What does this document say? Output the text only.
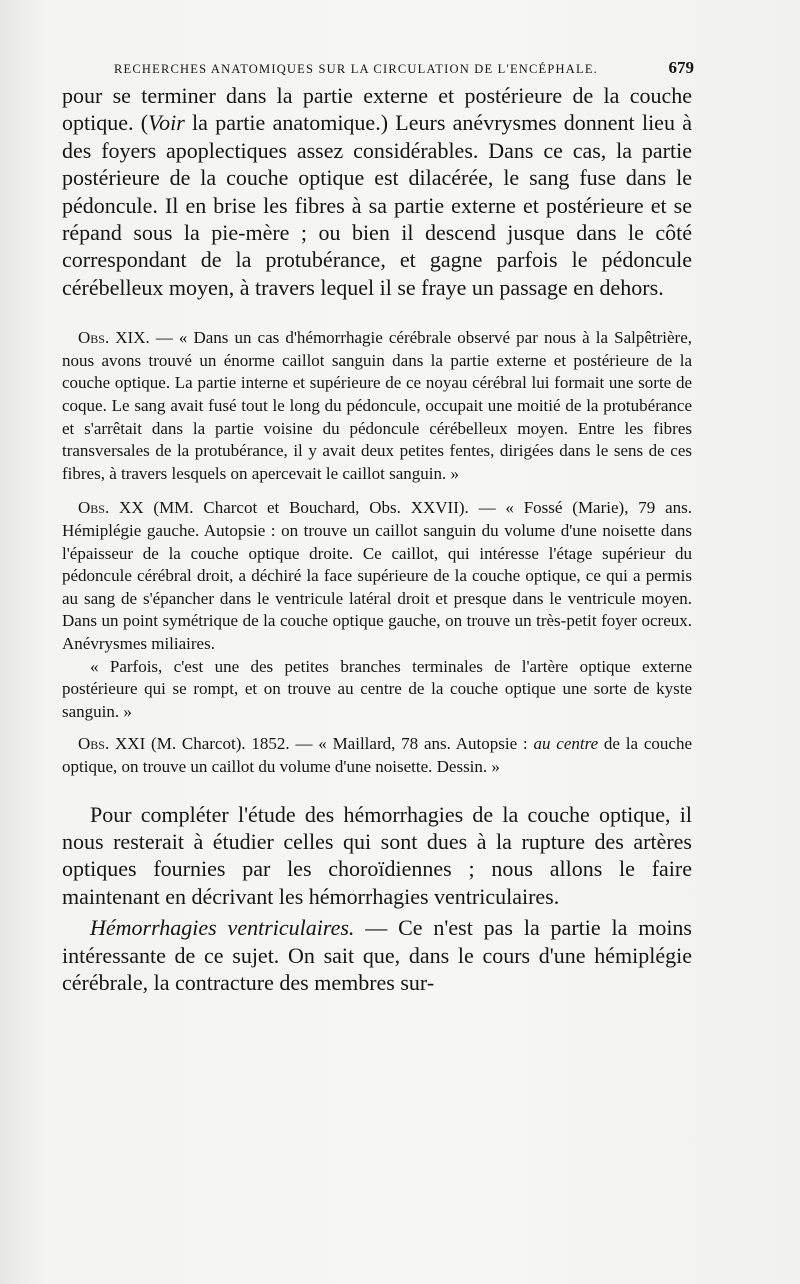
RECHERCHES ANATOMIQUES SUR LA CIRCULATION DE L'ENCÉPHALE.	679

pour se terminer dans la partie externe et postérieure de la couche optique. (Voir la partie anatomique.) Leurs anévrysmes donnent lieu à des foyers apoplectiques assez considérables. Dans ce cas, la partie postérieure de la couche optique est dilacérée, le sang fuse dans le pédoncule. Il en brise les fibres à sa partie externe et postérieure et se répand sous la pie-mère ; ou bien il descend jusque dans le côté correspondant de la protubérance, et gagne parfois le pédoncule cérébelleux moyen, à travers lequel il se fraye un passage en dehors.

Obs. XIX. — « Dans un cas d'hémorrhagie cérébrale observé par nous à la Salpêtrière, nous avons trouvé un énorme caillot sanguin dans la partie externe et postérieure de la couche optique. La partie interne et supérieure de ce noyau cérébral lui formait une sorte de coque. Le sang avait fusé tout le long du pédoncule, occupait une moitié de la protubérance et s'arrêtait dans la partie voisine du pédoncule cérébelleux moyen. Entre les fibres transversales de la protubérance, il y avait deux petites fentes, dirigées dans le sens de ces fibres, à travers lesquels on apercevait le caillot sanguin. »

Obs. XX (MM. Charcot et Bouchard, Obs. XXVII). — « Fossé (Marie), 79 ans. Hémiplégie gauche. Autopsie : on trouve un caillot sanguin du volume d'une noisette dans l'épaisseur de la couche optique droite. Ce caillot, qui intéresse l'étage supérieur du pédoncule cérébral droit, a déchiré la face supérieure de la couche optique, ce qui a permis au sang de s'épancher dans le ventricule latéral droit et presque dans le ventricule moyen. Dans un point symétrique de la couche optique gauche, on trouve un très-petit foyer ocreux. Anévrysmes miliaires.

« Parfois, c'est une des petites branches terminales de l'artère optique externe postérieure qui se rompt, et on trouve au centre de la couche optique une sorte de kyste sanguin. »

Obs. XXI (M. Charcot). 1852. — « Maillard, 78 ans. Autopsie : au centre de la couche optique, on trouve un caillot du volume d'une noisette. Dessin. »

Pour compléter l'étude des hémorrhagies de la couche optique, il nous resterait à étudier celles qui sont dues à la rupture des artères optiques fournies par les choroïdiennes ; nous allons le faire maintenant en décrivant les hémorrhagies ventriculaires.

Hémorrhagies ventriculaires. — Ce n'est pas la partie la moins intéressante de ce sujet. On sait que, dans le cours d'une hémiplégie cérébrale, la contracture des membres sur-
